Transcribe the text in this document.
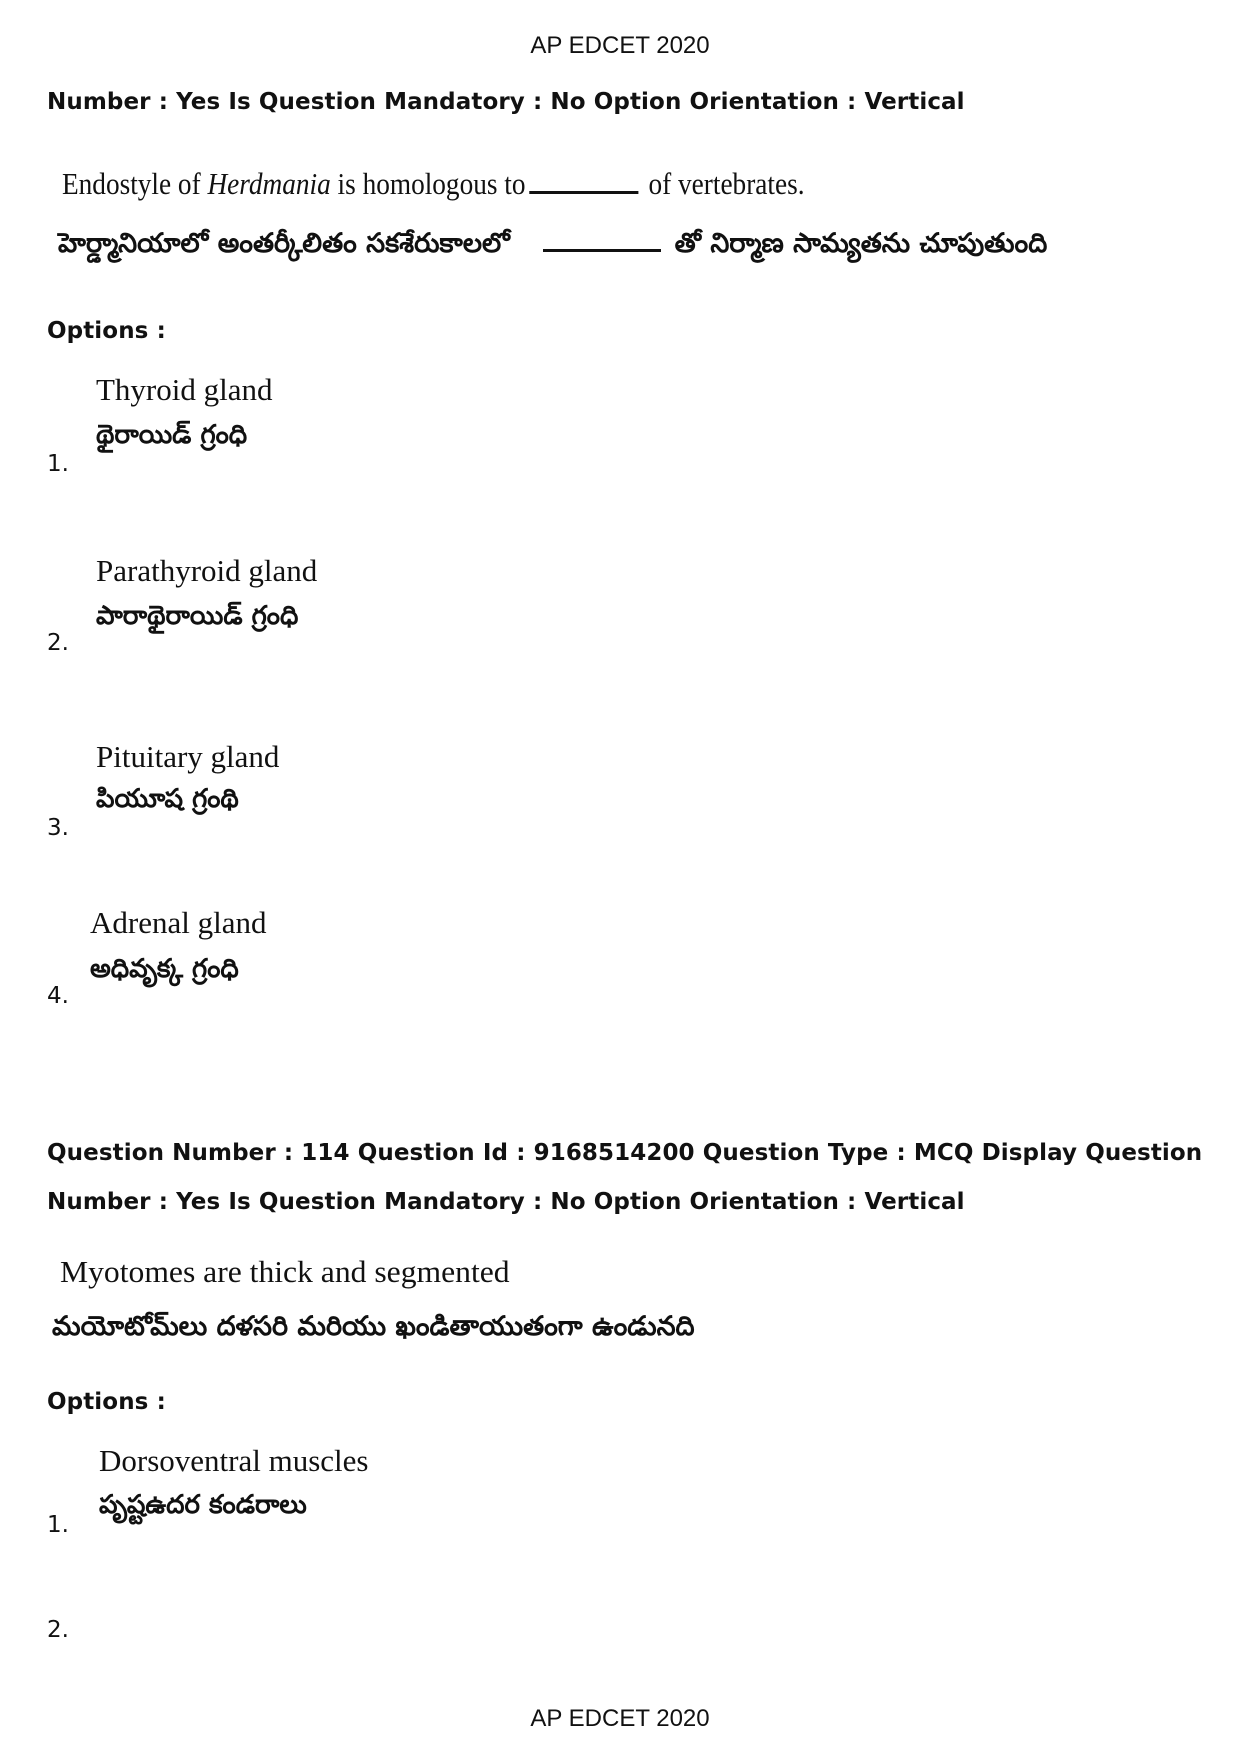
AP EDCET 2020
Number : Yes Is Question Mandatory : No Option Orientation : Vertical
Endostyle of Herdmania is homologous to	of vertebrates.
హెర్డ్మానియాలో అంతర్కీలితం సకశేరుకాలలో	తో నిర్మాణ సామ్యతను చూపుతుంది
Options :
Thyroid gland
థైరాయిడ్ గ్రంధి
1.
Parathyroid gland
పారాథైరాయిడ్ గ్రంధి
2.
Pituitary gland
పియూష గ్రంథి
3.
Adrenal gland
అధివృక్క గ్రంధి
4.
Question Number : 114 Question Id : 9168514200 Question Type : MCQ Display Question
Number : Yes Is Question Mandatory : No Option Orientation : Vertical
Myotomes are thick and segmented
మయోటోమ్‌లు దళసరి మరియు ఖండితాయుతంగా ఉండునది
Options :
Dorsoventral muscles
పృష్టఉదర కండరాలు
1.
2.
AP EDCET 2020
